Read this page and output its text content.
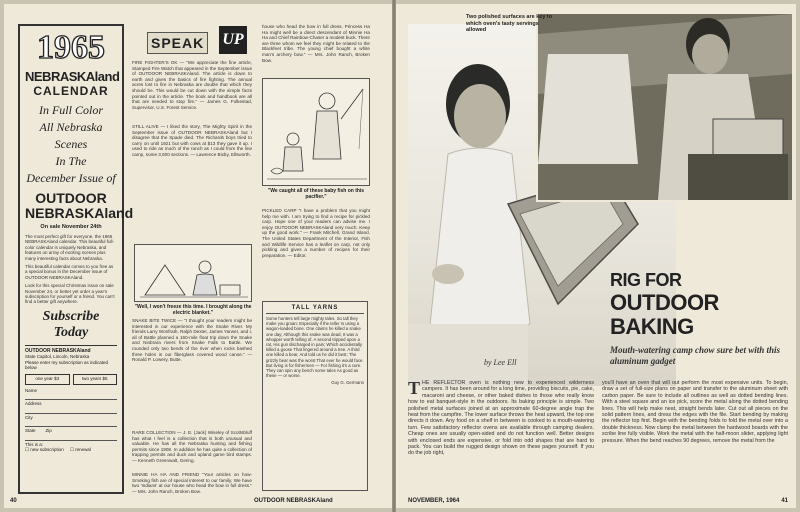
1965
NEBRASKAland
CALENDAR
In Full Color
All Nebraska Scenes
In The
December Issue of
OUTDOOR NEBRASKAland
On sale November 24th
The most perfect gift for everyone, the 1965 NEBRASKAland calendar. This beautiful full-color calendar is uniquely Nebraska, and features on array of exciting scenes plus many interesting facts about Nebraska.
This beautiful calendar comes to you free as a special bonus in the December issue of OUTDOOR NEBRASKAland.
Look for this special Christmas issue on sale November 24, or better yet order a year's subscription for yourself or a friend. You can't find a better gift anywhere.
Subscribe Today
OUTDOOR NEBRASKAland
State Capitol, Lincoln, Nebraska
Please enter my subscription as indicated below
one year $3	two years $5
Name
Address
City
State Zip
This is a:
☐ new subscription ☐ renewal
SPEAK UP
FIRE FIGHTER'S OK — "We appreciate the fine article, Stamped Fire Watch that appeared in the September issue of OUTDOOR NEBRASKAland. The article is down to earth and gives the basics of fire fighting. The annual acres lost to fire in Nebraska are double that which they should be. This would be cut down with the simple facts pointed out in the article. The book and handbook are all that are needed to stop fire." — James G. Folkestad, Supervisor, U.S. Forest Service.
STILL ALIVE — I liked the story, The Mighty Spirit in the September issue of OUTDOOR NEBRASKAland but I disagree that the Spade died. The Richards boys tried to carry on until 1921 but with cows at $13 they gave it up. I used to ride as much of the ranch as I could from the line camp, some 3,600 sections. — Lawrence Bixby, Ellsworth.
"Well, I won't freeze this time. I brought along the electric blanket."
SNAKE BITE TWICE — "I thought your readers might be interested in our experience with the Snake River. My friends Larry Wonfrath, Ralph Dexter, James Yarwer, and I, all of Battle planned a 160-mile float trip down the Snake and Niobrara rivers from Snake Falls to Battle. We rounded only two bends of the river when rocks bashed three holes in our fiberglass covered wood canoe." — Ronald P. Lowery, Butte.
RARE COLLECTION — J. E. (Jack) Wiseley of Scottsbluff has what I feel is a collection that is both unusual and valuable. He has all the Nebraska hunting and fishing permits since 1908. In addition he has quite a collection of trapping permits and duck and upland game bird stamps. — Kenneth Greenwalt, Gering.
MINNIE HA HA AND FRIEND "Your articles on how-Smoking fish are of special interest to our family. We have two 'Indians' at our house who head the bow in full dress." — Mrs. John Ranch, Broken Bow.
house who head the bow in full dress. Princess Ha Ha might well be a direct descendant of Minnie Ha Ha and Chief Rainbow-Chaser a modest buck. There are three whom we feel they might be related to the Blackfeet tribe. The young chief bought a white man's archery bow." — Mrs. John Ranch, Broken Bow.
"We caught all of these baby fish on this pacifier."
PICKLED CARP "I have a problem that you might help me with. I am trying to find a recipe for pickled carp. Hope one of your readers can advise me. I enjoy OUTDOOR NEBRASKAland very much. Keep up the good work." — Frank Mitchell, Grand Island. The United States Department of the Interior, Fish and Wildlife Service has a leaflet on carp, not only pickling and gives a number of recipes for their preparation. — Editor.
TALL YARNS
Some hunters tell large mighty tales. So tall they make you groan; Especially if the teller Is using a wagon-loaded bone. One claims he killed a snake one day; Although this snake was dead, It was a whopper worth telling of. A second tripped upon a rat, His gun discharged in pain; Which accidentally killed a goose That lingered around a tree. A third one killed a bear, And told us he did it best; The grizzly bear was the worst That ever he would face. But living is for fishermen — For fishing it's a cure. They can spin any bench some tales As good as these — or worse.
Guy G. Germann
40	OUTDOOR NEBRASKAland
Two polished surfaces are key to which oven's tasty servings allowed
RIG FOR
OUTDOOR
BAKING
Mouth-watering camp chow sure bet with this aluminum gadget
by Lee Ell
THE REFLECTOR oven is nothing new to experienced wilderness campers. It has been around for a long time, providing biscuits, pie, cake, macaroni and cheese, or other baked dishes to those who really know how to eat banquet-style in the outdoors. Its baking principle is simple. Two polished metal surfaces joined at an approximate 60-degree angle trap the heat from the campfire. The lower surface throws the heat upward, the top one directs it down. Any food on a shelf in between is cooked to a mouth-watering turn. Few satisfactory reflector ovens are available through camping dealers. Cheap ones are usually open-sided and do not function well. Better designs with enclosed ends are expensive, or fold into odd shapes that are hard to pack. You can build the rugged design shown on these pages yourself. If you do the job right,
you'll have an oven that will out perform the most expensive units. To begin, draw a set of full-size plans on paper and transfer to the aluminum sheet with carbon paper. Be sure to include all outlines as well as dotted bending lines. With a steel square and an ice pick, score the metal along the dotted bending lines. This will help make neat, straight bends later. Cut out all pieces on the solid pattern lines, and dress the edges with the file. Start bending by making the reflector top first. Begin with the bending folds to fold the metal over into a double thickness. Now clamp the metal between the hardwood boards with the scribe line fully visible. Work the metal with the half-moon slider, applying light pressure. When the bend reaches 90 degrees, remove the metal from the
NOVEMBER, 1964	41
